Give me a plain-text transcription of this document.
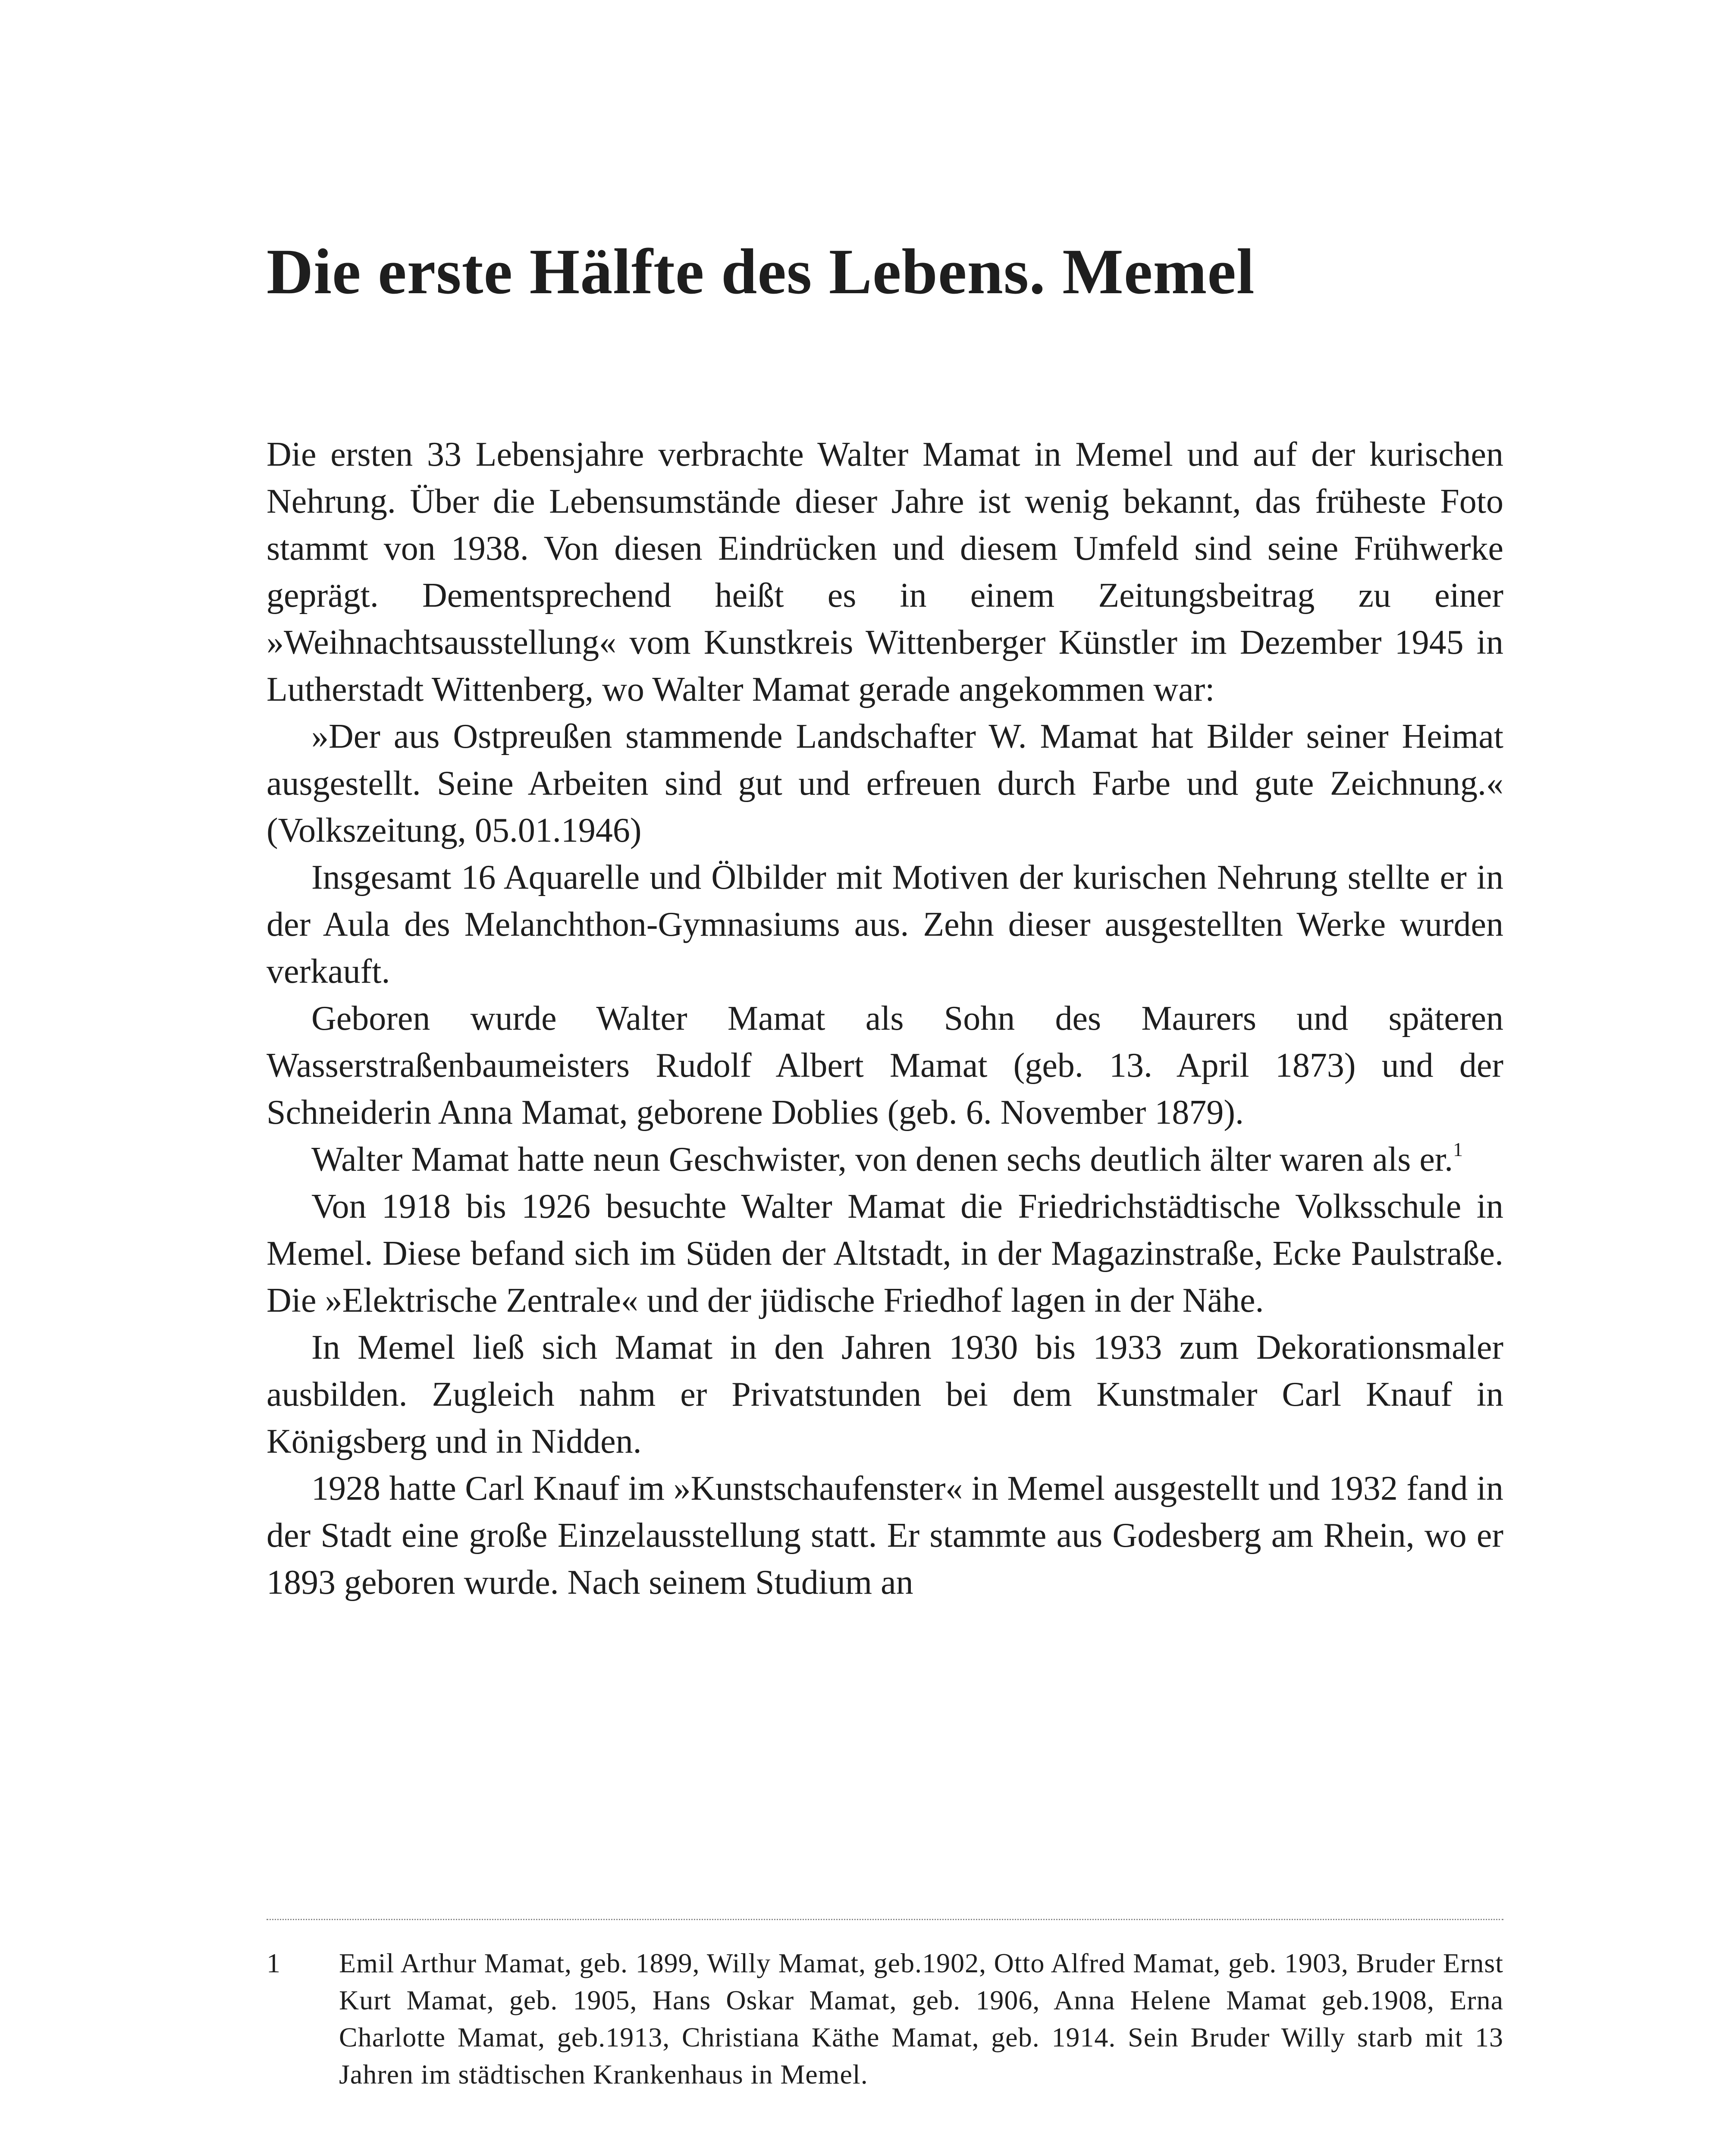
Die erste Hälfte des Lebens. Memel

Die ersten 33 Lebensjahre verbrachte Walter Mamat in Memel und auf der kurischen Nehrung. Über die Lebensumstände dieser Jahre ist wenig bekannt, das früheste Foto stammt von 1938. Von diesen Eindrücken und diesem Umfeld sind seine Frühwerke geprägt. Dementsprechend heißt es in einem Zeitungsbeitrag zu einer »Weihnachtsausstellung« vom Kunstkreis Wittenberger Künstler im Dezember 1945 in Lutherstadt Wittenberg, wo Walter Mamat gerade angekommen war:

»Der aus Ostpreußen stammende Landschafter W. Mamat hat Bilder seiner Heimat ausgestellt. Seine Arbeiten sind gut und erfreuen durch Farbe und gute Zeichnung.« (Volkszeitung, 05.01.1946)

Insgesamt 16 Aquarelle und Ölbilder mit Motiven der kurischen Nehrung stellte er in der Aula des Melanchthon-Gymnasiums aus. Zehn dieser ausgestellten Werke wurden verkauft.

Geboren wurde Walter Mamat als Sohn des Maurers und späteren Wasserstraßenbaumeisters Rudolf Albert Mamat (geb. 13. April 1873) und der Schneiderin Anna Mamat, geborene Doblies (geb. 6. November 1879).

Walter Mamat hatte neun Geschwister, von denen sechs deutlich älter waren als er.$^1$

Von 1918 bis 1926 besuchte Walter Mamat die Friedrichstädtische Volksschule in Memel. Diese befand sich im Süden der Altstadt, in der Magazinstraße, Ecke Paulstraße. Die »Elektrische Zentrale« und der jüdische Friedhof lagen in der Nähe.

In Memel ließ sich Mamat in den Jahren 1930 bis 1933 zum Dekorationsmaler ausbilden. Zugleich nahm er Privatstunden bei dem Kunstmaler Carl Knauf in Königsberg und in Nidden.

1928 hatte Carl Knauf im »Kunstschaufenster« in Memel ausgestellt und 1932 fand in der Stadt eine große Einzelausstellung statt. Er stammte aus Godesberg am Rhein, wo er 1893 geboren wurde. Nach seinem Studium an

1	Emil Arthur Mamat, geb. 1899, Willy Mamat, geb.1902, Otto Alfred Mamat, geb. 1903, Bruder Ernst Kurt Mamat, geb. 1905, Hans Oskar Mamat, geb. 1906, Anna Helene Mamat geb.1908, Erna Charlotte Mamat, geb.1913, Christiana Käthe Mamat, geb. 1914. Sein Bruder Willy starb mit 13 Jahren im städtischen Krankenhaus in Memel.
